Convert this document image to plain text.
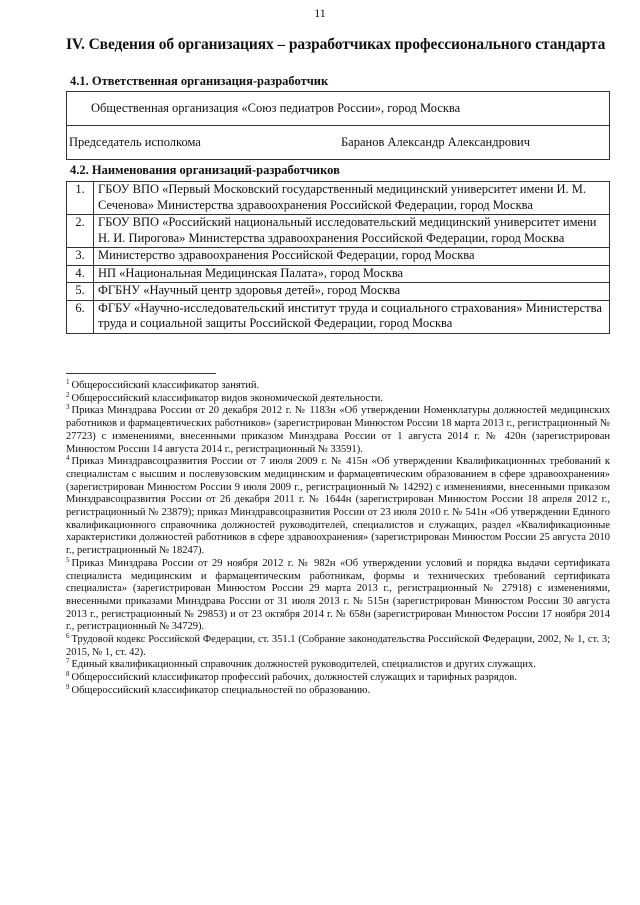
11
IV. Сведения об организациях – разработчиках профессионального стандарта
4.1. Ответственная организация-разработчик
Общественная организация «Союз педиатров России», город Москва
Председатель исполкома	Баранов Александр Александрович
4.2. Наименования организаций-разработчиков
1.	ГБОУ ВПО «Первый Московский государственный медицинский университет имени И. М. Сеченова» Министерства здравоохранения Российской Федерации, город Москва
2.	ГБОУ ВПО «Российский национальный исследовательский медицинский университет имени Н. И. Пирогова» Министерства здравоохранения Российской Федерации, город Москва
3.	Министерство здравоохранения Российской Федерации, город Москва
4.	НП «Национальная Медицинская Палата», город Москва
5.	ФГБНУ «Научный центр здоровья детей», город Москва
6.	ФГБУ «Научно-исследовательский институт труда и социального страхования» Министерства труда и социальной защиты Российской Федерации, город Москва

$^1$ Общероссийский классификатор занятий.

$^2$ Общероссийский классификатор видов экономической деятельности.

$^3$ Приказ Минздрава России от 20 декабря 2012 г. № 1183н «Об утверждении Номенклатуры должностей медицинских работников и фармацевтических работников» (зарегистрирован Минюстом России 18 марта 2013 г., регистрационный № 27723) с изменениями, внесенными приказом Минздрава России от 1 августа 2014 г. № 420н (зарегистрирован Минюстом России 14 августа 2014 г., регистрационный № 33591).

$^4$ Приказ Минздравсоцразвития России от 7 июля 2009 г. № 415н «Об утверждении Квалификационных требований к специалистам с высшим и послевузовским медицинским и фармацевтическим образованием в сфере здравоохранения» (зарегистрирован Минюстом России 9 июля 2009 г., регистрационный № 14292) с изменениями, внесенными приказом Минздравсоцразвития России от 26 декабря 2011 г. № 1644н (зарегистрирован Минюстом России 18 апреля 2012 г., регистрационный № 23879); приказ Минздравсоцразвития России от 23 июля 2010 г. № 541н «Об утверждении Единого квалификационного справочника должностей руководителей, специалистов и служащих, раздел «Квалификационные характеристики должностей работников в сфере здравоохранения» (зарегистрирован Минюстом России 25 августа 2010 г., регистрационный № 18247).

$^5$ Приказ Минздрава России от 29 ноября 2012 г. № 982н «Об утверждении условий и порядка выдачи сертификата специалиста медицинским и фармацевтическим работникам, формы и технических требований сертификата специалиста» (зарегистрирован Минюстом России 29 марта 2013 г., регистрационный № 27918) с изменениями, внесенными приказами Минздрава России от 31 июля 2013 г. № 515н (зарегистрирован Минюстом России 30 августа 2013 г., регистрационный № 29853) и от 23 октября 2014 г. № 658н (зарегистрирован Минюстом России 17 ноября 2014 г., регистрационный № 34729).

$^6$ Трудовой кодекс Российской Федерации, ст. 351.1 (Собрание законодательства Российской Федерации, 2002, № 1, ст. 3; 2015, № 1, ст. 42).

$^7$ Единый квалификационный справочник должностей руководителей, специалистов и других служащих.

$^8$ Общероссийский классификатор профессий рабочих, должностей служащих и тарифных разрядов.

$^9$ Общероссийский классификатор специальностей по образованию.
